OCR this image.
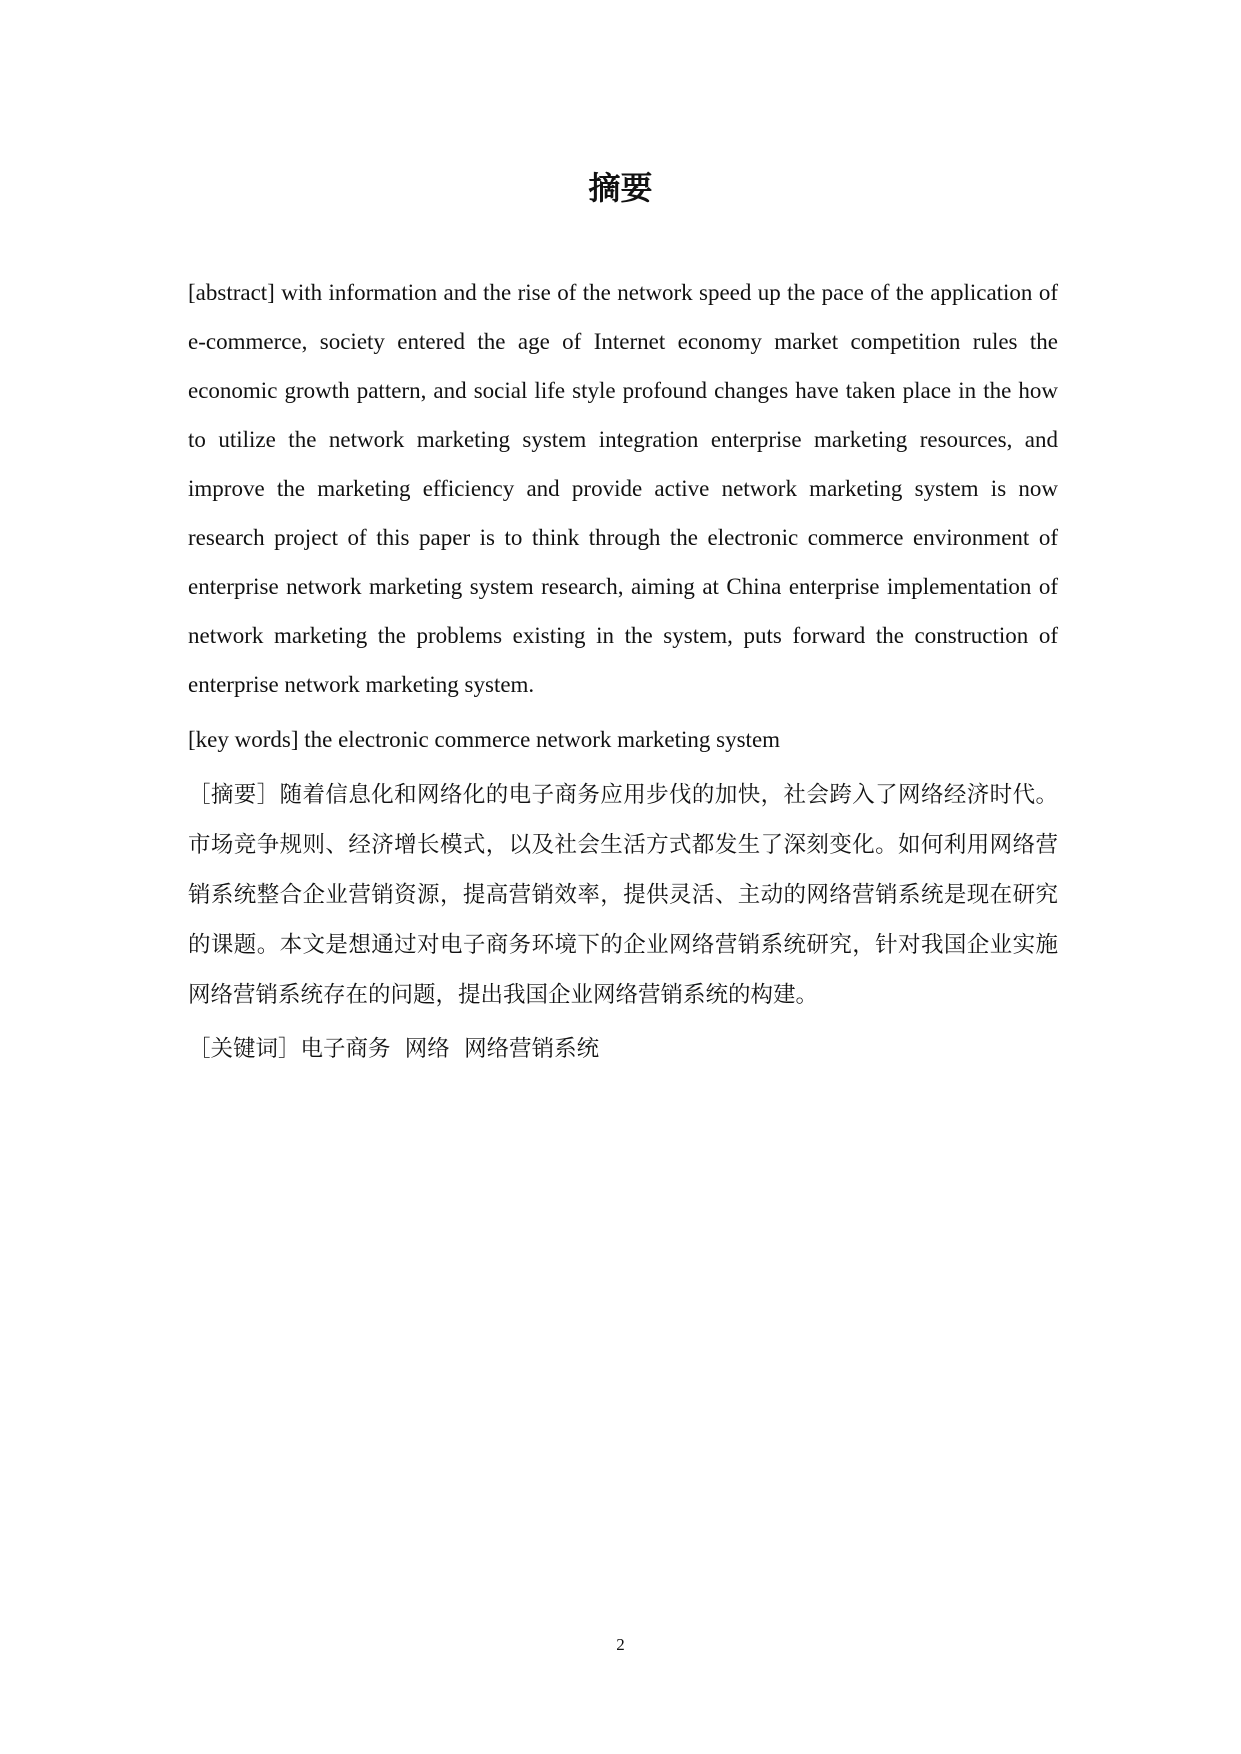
摘要

[abstract] with information and the rise of the network speed up the pace of the application of e-commerce, society entered the age of Internet economy market competition rules the economic growth pattern, and social life style profound changes have taken place in the how to utilize the network marketing system integration enterprise marketing resources, and improve the marketing efficiency and provide active network marketing system is now research project of this paper is to think through the electronic commerce environment of enterprise network marketing system research, aiming at China enterprise implementation of network marketing the problems existing in the system, puts forward the construction of enterprise network marketing system.

[key words] the electronic commerce network marketing system

［摘要］随着信息化和网络化的电子商务应用步伐的加快，社会跨入了网络经济时代。市场竞争规则、经济增长模式，以及社会生活方式都发生了深刻变化。如何利用网络营销系统整合企业营销资源，提高营销效率，提供灵活、主动的网络营销系统是现在研究的课题。本文是想通过对电子商务环境下的企业网络营销系统研究，针对我国企业实施网络营销系统存在的问题，提出我国企业网络营销系统的构建。

［关键词］电子商务  网络  网络营销系统

2
